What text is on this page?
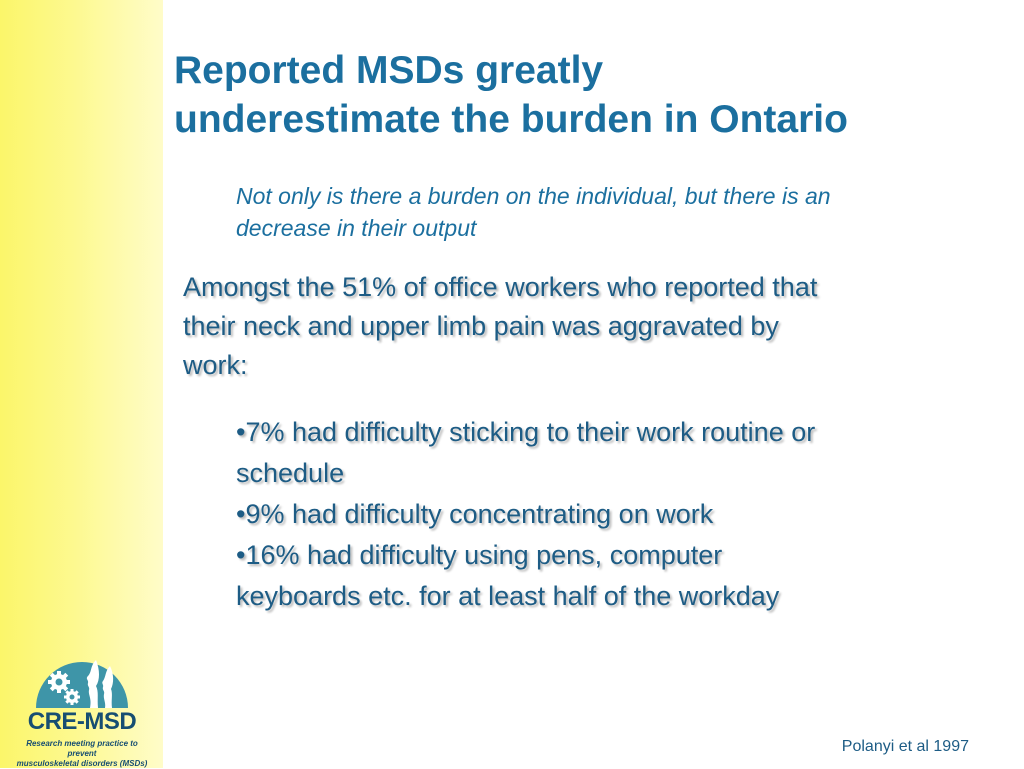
Reported MSDs greatly
underestimate the burden in Ontario
Not only is there a burden on the individual, but there is an
decrease in their output
Amongst the 51% of office workers who reported that
their neck and upper limb pain was aggravated by
work:
•7% had difficulty sticking to their work routine or
schedule
•9% had difficulty concentrating on work
•16% had difficulty using pens, computer
keyboards etc. for at least half of the workday
Polanyi et al 1997
CRE-MSD
Research meeting practice to prevent
musculoskeletal disorders (MSDs)
